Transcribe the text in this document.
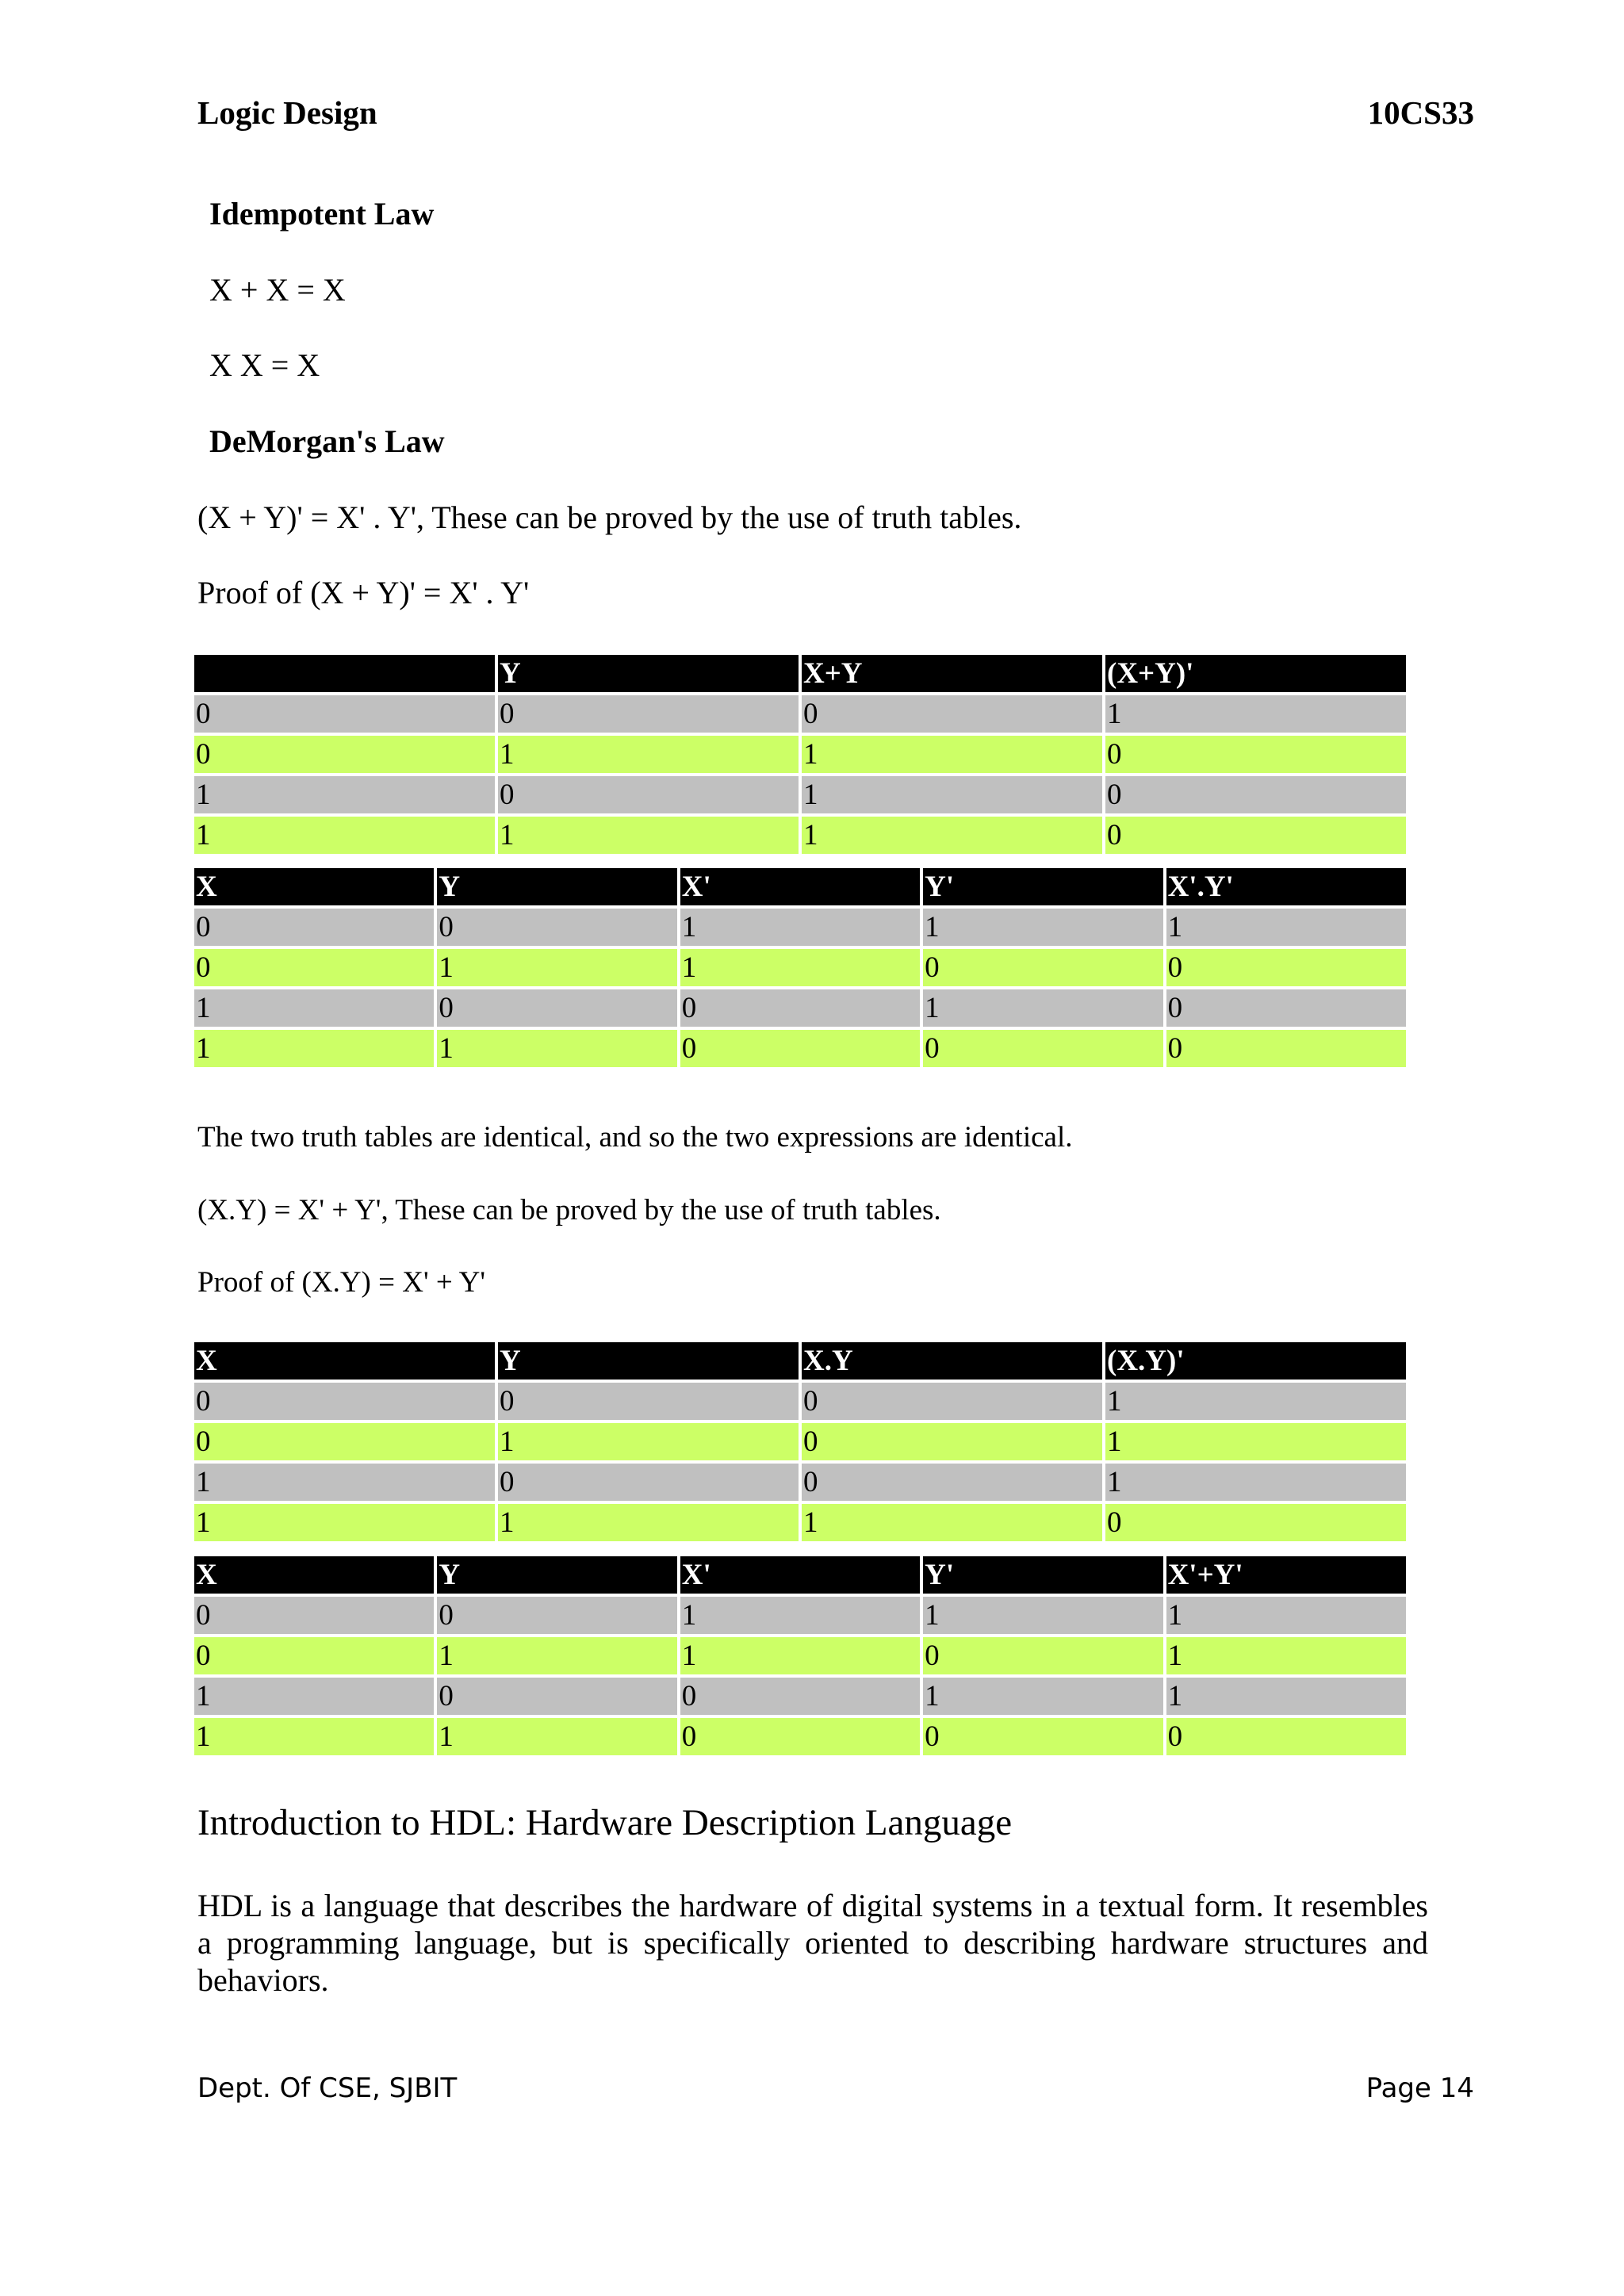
Logic Design	10CS33
Idempotent Law
X + X = X
X X = X
DeMorgan's Law
(X + Y)' = X' . Y', These can be proved by the use of truth tables.
Proof of (X + Y)' = X' . Y'
	Y	X+Y	(X+Y)'
0	0	0	1
0	1	1	0
1	0	1	0
1	1	1	0
X	Y	X'	Y'	X'.Y'
0	0	1	1	1
0	1	1	0	0
1	0	0	1	0
1	1	0	0	0
The two truth tables are identical, and so the two expressions are identical.
(X.Y) = X' + Y', These can be proved by the use of truth tables.
Proof of (X.Y) = X' + Y'
X	Y	X.Y	(X.Y)'
0	0	0	1
0	1	0	1
1	0	0	1
1	1	1	0
X	Y	X'	Y'	X'+Y'
0	0	1	1	1
0	1	1	0	1
1	0	0	1	1
1	1	0	0	0
Introduction to HDL: Hardware Description Language
HDL is a language that describes the hardware of digital systems in a textual form. It resembles a programming language, but is specifically oriented to describing hardware structures and behaviors.
Dept. Of CSE, SJBIT	Page 14
